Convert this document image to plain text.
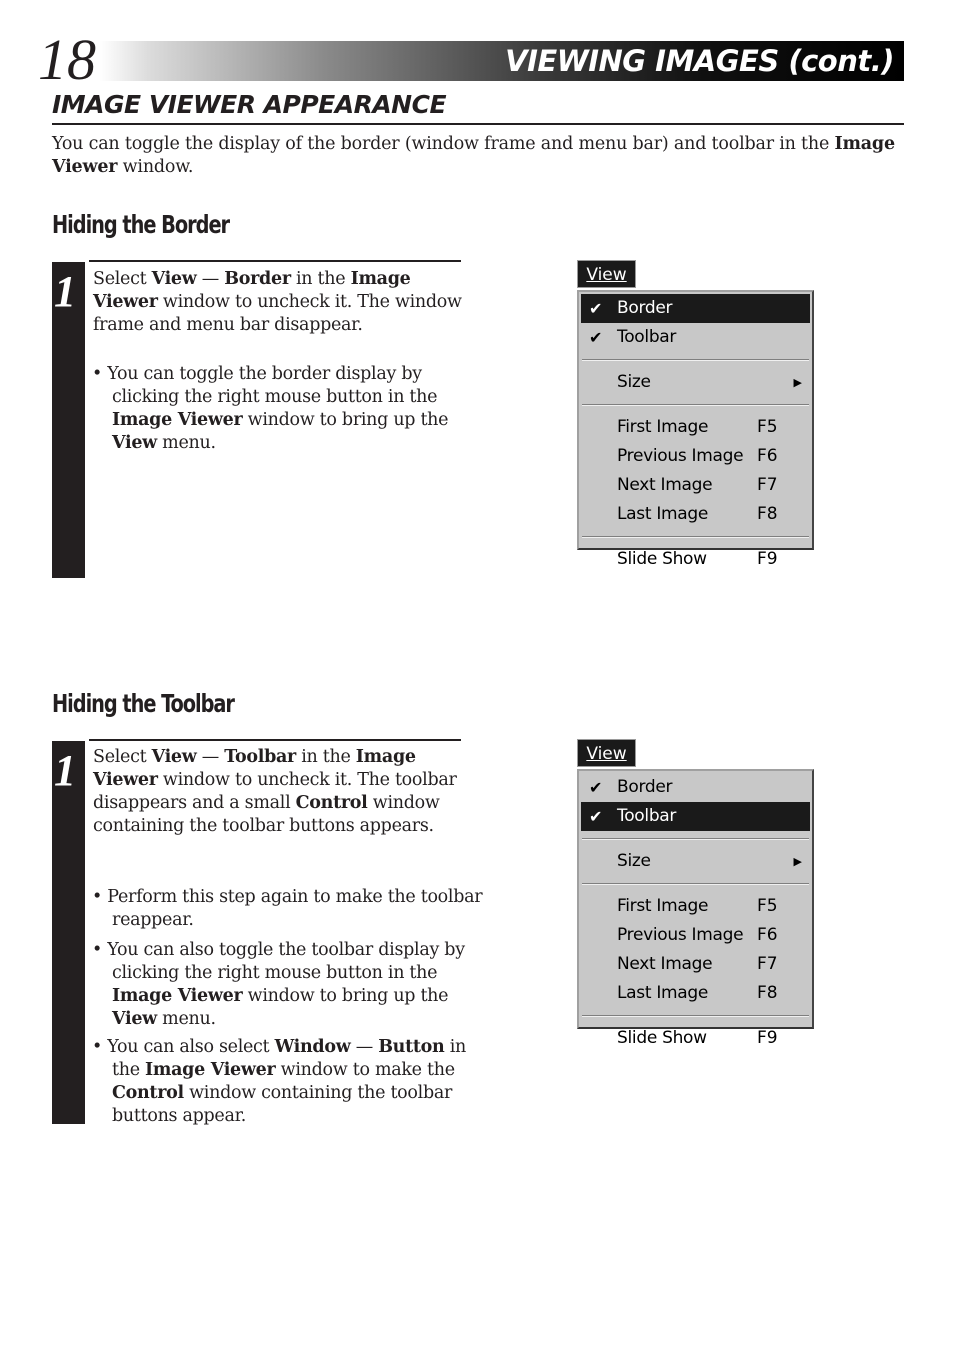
18	VIEWING IMAGES (cont.)
IMAGE VIEWER APPEARANCE

You can toggle the display of the border (window frame and menu bar) and toolbar in the Image Viewer window.

Hiding the Border
1 Select View — Border in the Image Viewer window to uncheck it. The window frame and menu bar disappear.

• You can toggle the border display by clicking the right mouse button in the Image Viewer window to bring up the View menu.

View
✔ Border
✔ Toolbar
Size	▶
First Image	F5
Previous Image F6
Next Image	F7
Last Image	F8
Slide Show	F9
Hiding the Toolbar
1 Select View — Toolbar in the Image Viewer window to uncheck it. The toolbar disappears and a small Control window containing the toolbar buttons appears.

• Perform this step again to make the toolbar reappear.

• You can also toggle the toolbar display by clicking the right mouse button in the Image Viewer window to bring up the View menu.

• You can also select Window — Button in the Image Viewer window to make the Control window containing the toolbar buttons appear.

View
✔ Border
✔ Toolbar
Size	▶
First Image	F5
Previous Image F6
Next Image	F7
Last Image	F8
Slide Show	F9
